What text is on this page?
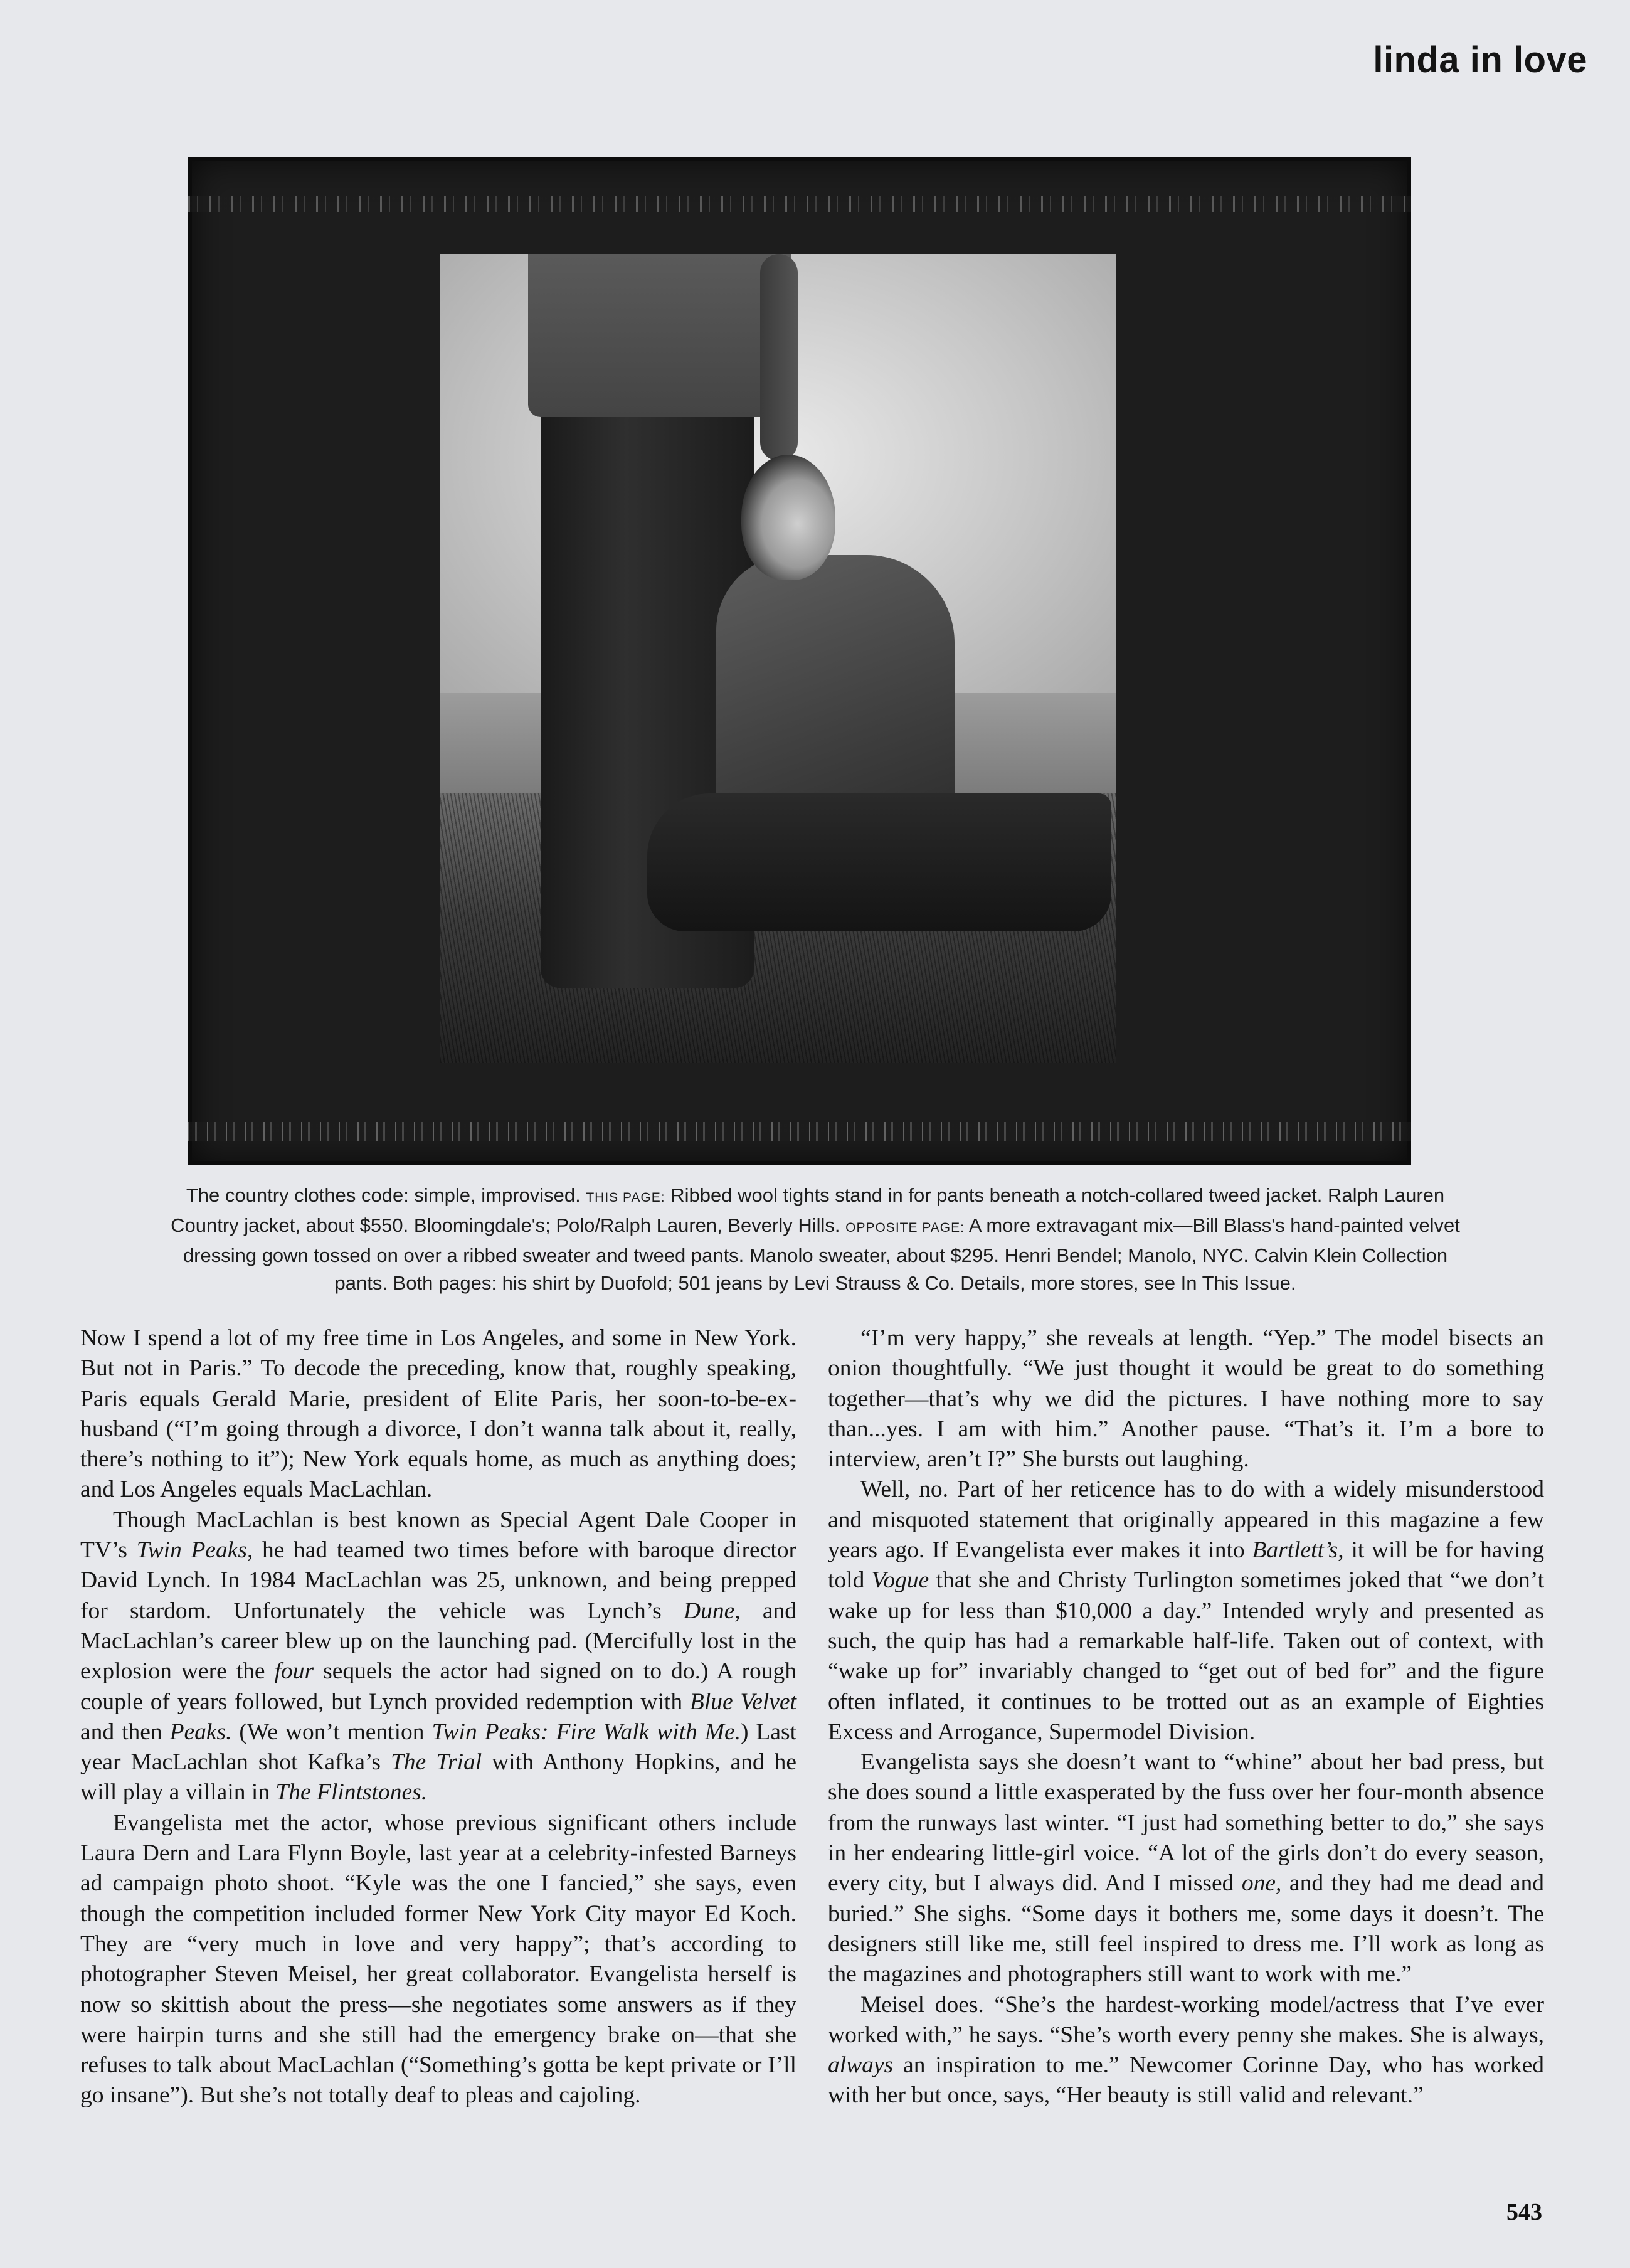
linda in love
The country clothes code: simple, improvised. THIS PAGE: Ribbed wool tights stand in for pants beneath a notch-collared tweed jacket. Ralph Lauren Country jacket, about $550. Bloomingdale's; Polo/Ralph Lauren, Beverly Hills. OPPOSITE PAGE: A more extravagant mix—Bill Blass's hand-painted velvet dressing gown tossed on over a ribbed sweater and tweed pants. Manolo sweater, about $295. Henri Bendel; Manolo, NYC. Calvin Klein Collection pants. Both pages: his shirt by Duofold; 501 jeans by Levi Strauss & Co. Details, more stores, see In This Issue.

Now I spend a lot of my free time in Los Angeles, and some in New York. But not in Paris.” To decode the preceding, know that, roughly speaking, Paris equals Gerald Marie, president of Elite Paris, her soon-to-be-ex-husband (“I’m going through a divorce, I don’t wanna talk about it, really, there’s nothing to it”); New York equals home, as much as anything does; and Los Angeles equals MacLachlan.

Though MacLachlan is best known as Special Agent Dale Cooper in TV’s Twin Peaks, he had teamed two times before with baroque director David Lynch. In 1984 MacLachlan was 25, unknown, and being prepped for stardom. Unfortunately the vehicle was Lynch’s Dune, and MacLachlan’s career blew up on the launching pad. (Mercifully lost in the explosion were the four sequels the actor had signed on to do.) A rough couple of years followed, but Lynch provided redemption with Blue Velvet and then Peaks. (We won’t mention Twin Peaks: Fire Walk with Me.) Last year MacLachlan shot Kafka’s The Trial with Anthony Hopkins, and he will play a villain in The Flintstones.

Evangelista met the actor, whose previous significant others include Laura Dern and Lara Flynn Boyle, last year at a celebrity-infested Barneys ad campaign photo shoot. “Kyle was the one I fancied,” she says, even though the competition included former New York City mayor Ed Koch. They are “very much in love and very happy”; that’s according to photographer Steven Meisel, her great collaborator. Evangelista herself is now so skittish about the press—she negotiates some answers as if they were hairpin turns and she still had the emergency brake on—that she refuses to talk about MacLachlan (“Something’s gotta be kept private or I’ll go insane”). But she’s not totally deaf to pleas and cajoling.

“I’m very happy,” she reveals at length. “Yep.” The model bisects an onion thoughtfully. “We just thought it would be great to do something together—that’s why we did the pictures. I have nothing more to say than...yes. I am with him.” Another pause. “That’s it. I’m a bore to interview, aren’t I?” She bursts out laughing.

Well, no. Part of her reticence has to do with a widely misunderstood and misquoted statement that originally appeared in this magazine a few years ago. If Evangelista ever makes it into Bartlett’s, it will be for having told Vogue that she and Christy Turlington sometimes joked that “we don’t wake up for less than $10,000 a day.” Intended wryly and presented as such, the quip has had a remarkable half-life. Taken out of context, with “wake up for” invariably changed to “get out of bed for” and the figure often inflated, it continues to be trotted out as an example of Eighties Excess and Arrogance, Supermodel Division.

Evangelista says she doesn’t want to “whine” about her bad press, but she does sound a little exasperated by the fuss over her four-month absence from the runways last winter. “I just had something better to do,” she says in her endearing little-girl voice. “A lot of the girls don’t do every season, every city, but I always did. And I missed one, and they had me dead and buried.” She sighs. “Some days it bothers me, some days it doesn’t. The designers still like me, still feel inspired to dress me. I’ll work as long as the magazines and photographers still want to work with me.”

Meisel does. “She’s the hardest-working model/actress that I’ve ever worked with,” he says. “She’s worth every penny she makes. She is always, always an inspiration to me.” Newcomer Corinne Day, who has worked with her but once, says, “Her beauty is still valid and relevant.”

543
